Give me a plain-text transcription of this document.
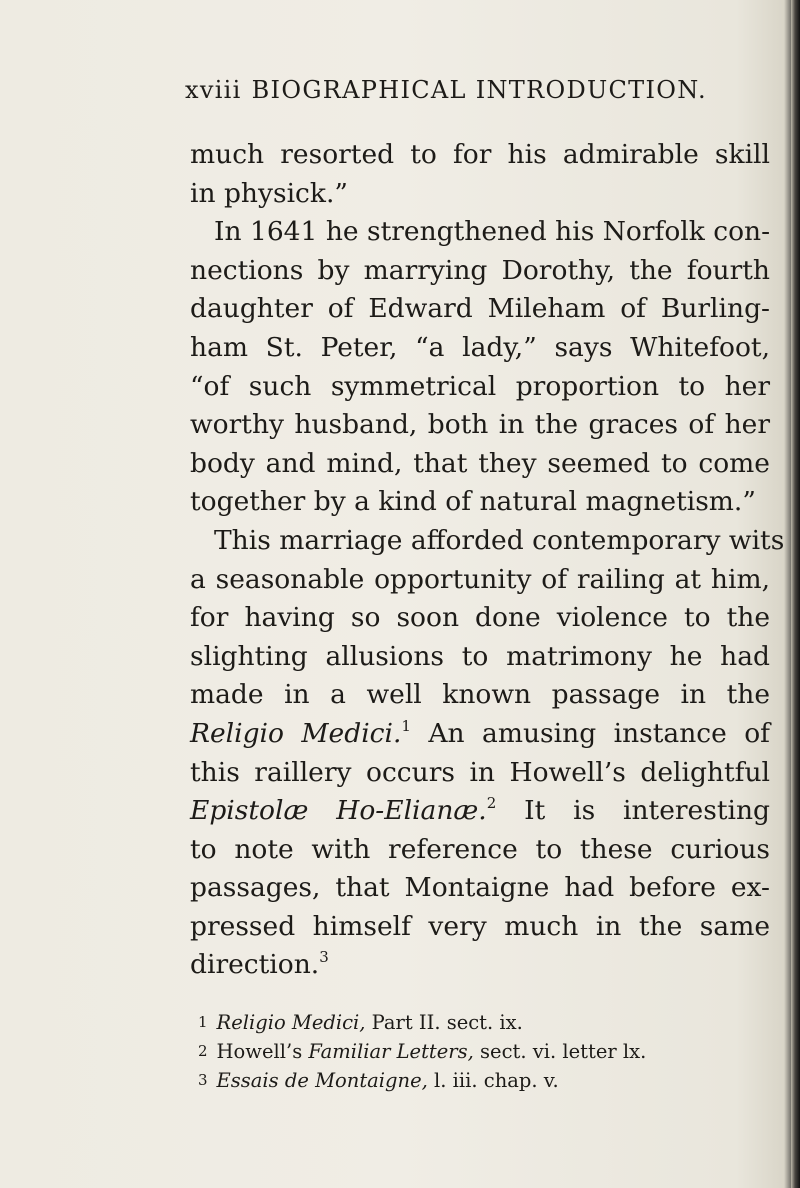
xviii BIOGRAPHICAL INTRODUCTION.
much resorted to for his admirable skill
in physick.”
In 1641 he strengthened his Norfolk con-
nections by marrying Dorothy, the fourth
daughter of Edward Mileham of Burling-
ham St. Peter, “a lady,” says Whitefoot,
“of such symmetrical proportion to her
worthy husband, both in the graces of her
body and mind, that they seemed to come
together by a kind of natural magnetism.”
This marriage afforded contemporary wits
a seasonable opportunity of railing at him,
for having so soon done violence to the
slighting allusions to matrimony he had
made in a well known passage in the
Religio Medici.$^1$ An amusing instance of
this raillery occurs in Howell’s delightful
Epistolæ Ho-Elianæ.$^2$ It is interesting
to note with reference to these curious
passages, that Montaigne had before ex-
pressed himself very much in the same
direction.$^3$
1 Religio Medici, Part II. sect. ix.
2 Howell’s Familiar Letters, sect. vi. letter lx.
3 Essais de Montaigne, l. iii. chap. v.
